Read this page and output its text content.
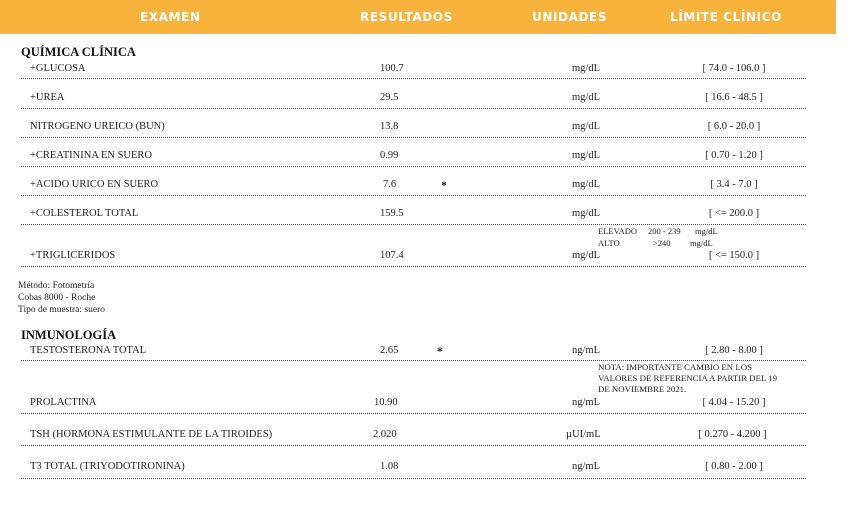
EXAMEN	RESULTADOS	UNIDADES	LÍMITE CLÍNICO
QUÍMICA CLÍNICA
+GLUCOSA	100.7	mg/dL	[ 74.0 - 106.0 ]
+UREA	29.5	mg/dL	[ 16.6 - 48.5 ]
NITROGENO UREICO (BUN)	13.8	mg/dL	[ 6.0 - 20.0 ]
+CREATININA EN SUERO	0.99	mg/dL	[ 0.70 - 1.20 ]
+ACIDO URICO EN SUERO	7.6	*	mg/dL	[ 3.4 - 7.0 ]
+COLESTEROL TOTAL	159.5	mg/dL	[ <= 200.0 ]
ELEVADO 200 - 239 mg/dL
ALTO	>240 mg/dL
+TRIGLICERIDOS	107.4	mg/dL	[ <= 150.0 ]
Método: Fotometría
Cobas 8000 - Roche
Tipo de muestra: suero
INMUNOLOGÍA
TESTOSTERONA TOTAL	2.65	*	ng/mL	[ 2.80 - 8.00 ]
NOTA: IMPORTANTE CAMBIO EN LOS
VALORES DE REFERENCIA A PARTIR DEL 19
DE NOVIEMBRE 2021.
PROLACTINA	10.90	ng/mL	[ 4.04 - 15.20 ]
TSH (HORMONA ESTIMULANTE DE LA TIROIDES)	2.020	µUI/mL	[ 0.270 - 4.200 ]
T3 TOTAL (TRIYODOTIRONINA)	1.08	ng/mL	[ 0.80 - 2.00 ]
